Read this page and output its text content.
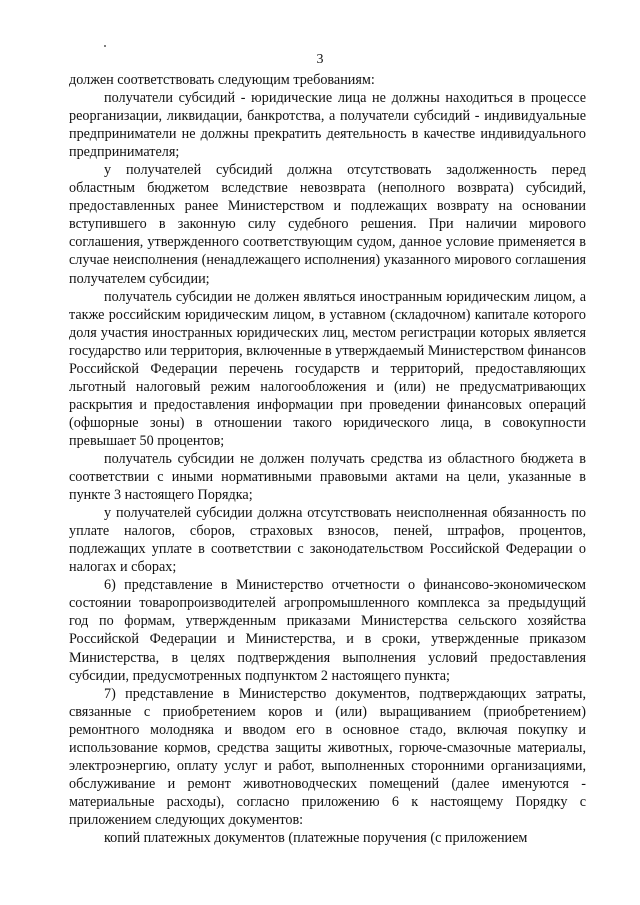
3

должен соответствовать следующим требованиям:

получатели субсидий - юридические лица не должны находиться в процессе реорганизации, ликвидации, банкротства, а получатели субсидий - индивидуальные предприниматели не должны прекратить деятельность в качестве индивидуального предпринимателя;

у получателей субсидий должна отсутствовать задолженность перед областным бюджетом вследствие невозврата (неполного возврата) субсидий, предоставленных ранее Министерством и подлежащих возврату на основании вступившего в законную силу судебного решения. При наличии мирового соглашения, утвержденного соответствующим судом, данное условие применяется в случае неисполнения (ненадлежащего исполнения) указанного мирового соглашения получателем субсидии;

получатель субсидии не должен являться иностранным юридическим лицом, а также российским юридическим лицом, в уставном (складочном) капитале которого доля участия иностранных юридических лиц, местом регистрации которых является государство или территория, включенные в утверждаемый Министерством финансов Российской Федерации перечень государств и территорий, предоставляющих льготный налоговый режим налогообложения и (или) не предусматривающих раскрытия и предоставления информации при проведении финансовых операций (офшорные зоны) в отношении такого юридического лица, в совокупности превышает 50 процентов;

получатель субсидии не должен получать средства из областного бюджета в соответствии с иными нормативными правовыми актами на цели, указанные в пункте 3 настоящего Порядка;

у получателей субсидии должна отсутствовать неисполненная обязанность по уплате налогов, сборов, страховых взносов, пеней, штрафов, процентов, подлежащих уплате в соответствии с законодательством Российской Федерации о налогах и сборах;

6) представление в Министерство отчетности о финансово-экономическом состоянии товаропроизводителей агропромышленного комплекса за предыдущий год по формам, утвержденным приказами Министерства сельского хозяйства Российской Федерации и Министерства, и в сроки, утвержденные приказом Министерства, в целях подтверждения выполнения условий предоставления субсидии, предусмотренных подпунктом 2 настоящего пункта;

7) представление в Министерство документов, подтверждающих затраты, связанные с приобретением коров и (или) выращиванием (приобретением) ремонтного молодняка и вводом его в основное стадо, включая покупку и использование кормов, средства защиты животных, горюче-смазочные материалы, электроэнергию, оплату услуг и работ, выполненных сторонними организациями, обслуживание и ремонт животноводческих помещений (далее именуются - материальные расходы), согласно приложению 6 к настоящему Порядку с приложением следующих документов:

копий платежных документов (платежные поручения (с приложением
